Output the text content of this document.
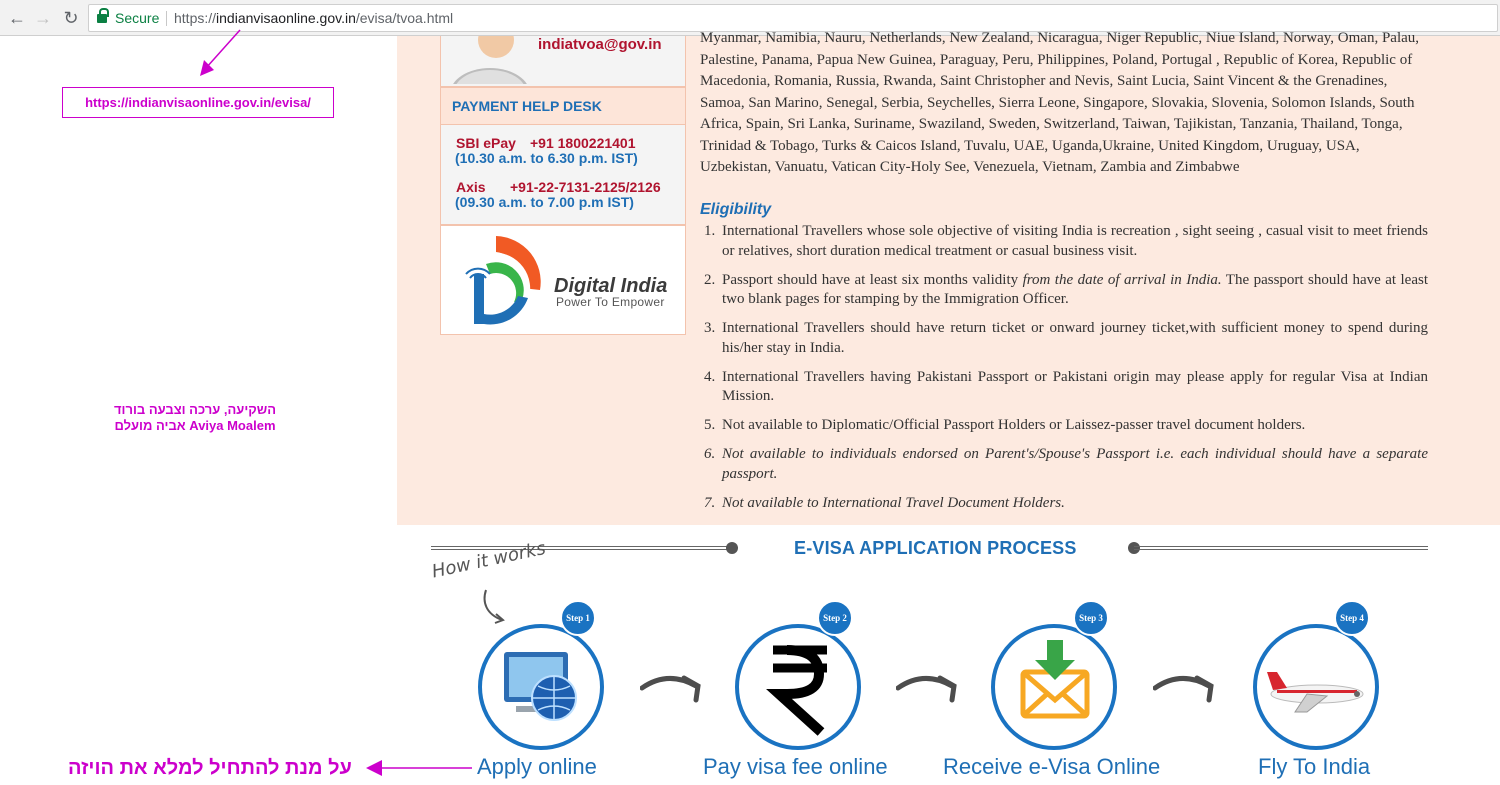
← → ↻	Secure https://indianvisaonline.gov.in/evisa/tvoa.html
indiatvoa@gov.in
PAYMENT HELP DESK
SBI ePay +91 1800221401
(10.30 a.m. to 6.30 p.m. IST)
Axis +91-22-7131-2125/2126
(09.30 a.m. to 7.00 p.m IST)
Digital India
Power To Empower
Myanmar, Namibia, Nauru, Netherlands, New Zealand, Nicaragua, Niger Republic, Niue Island, Norway, Oman, Palau, Palestine, Panama, Papua New Guinea, Paraguay, Peru, Philippines, Poland, Portugal , Republic of Korea, Republic of Macedonia, Romania, Russia, Rwanda, Saint Christopher and Nevis, Saint Lucia, Saint Vincent & the Grenadines, Samoa, San Marino, Senegal, Serbia, Seychelles, Sierra Leone, Singapore, Slovakia, Slovenia, Solomon Islands, South Africa, Spain, Sri Lanka, Suriname, Swaziland, Sweden, Switzerland, Taiwan, Tajikistan, Tanzania, Thailand, Tonga, Trinidad & Tobago, Turks & Caicos Island, Tuvalu, UAE, Uganda,Ukraine, United Kingdom, Uruguay, USA, Uzbekistan, Vanuatu, Vatican City-Holy See, Venezuela, Vietnam, Zambia and Zimbabwe
Eligibility
1. International Travellers whose sole objective of visiting India is recreation , sight seeing , casual visit to meet friends or relatives, short duration medical treatment or casual business visit.
2. Passport should have at least six months validity from the date of arrival in India. The passport should have at least two blank pages for stamping by the Immigration Officer.
3. International Travellers should have return ticket or onward journey ticket,with sufficient money to spend during his/her stay in India.
4. International Travellers having Pakistani Passport or Pakistani origin may please apply for regular Visa at Indian Mission.
5. Not available to Diplomatic/Official Passport Holders or Laissez-passer travel document holders.
6. Not available to individuals endorsed on Parent's/Spouse's Passport i.e. each individual should have a separate passport.
7. Not available to International Travel Document Holders.
E-VISA APPLICATION PROCESS
How it works
Step 1
Apply online
Step 2
Pay visa fee online
Step 3
Receive e-Visa Online
Step 4
Fly To India
https://indianvisaonline.gov.in/evisa/
השקיעה, ערכה וצבעה בורוד
אביה מועלם Aviya Moalem
על מנת להתחיל למלא את הויזה
